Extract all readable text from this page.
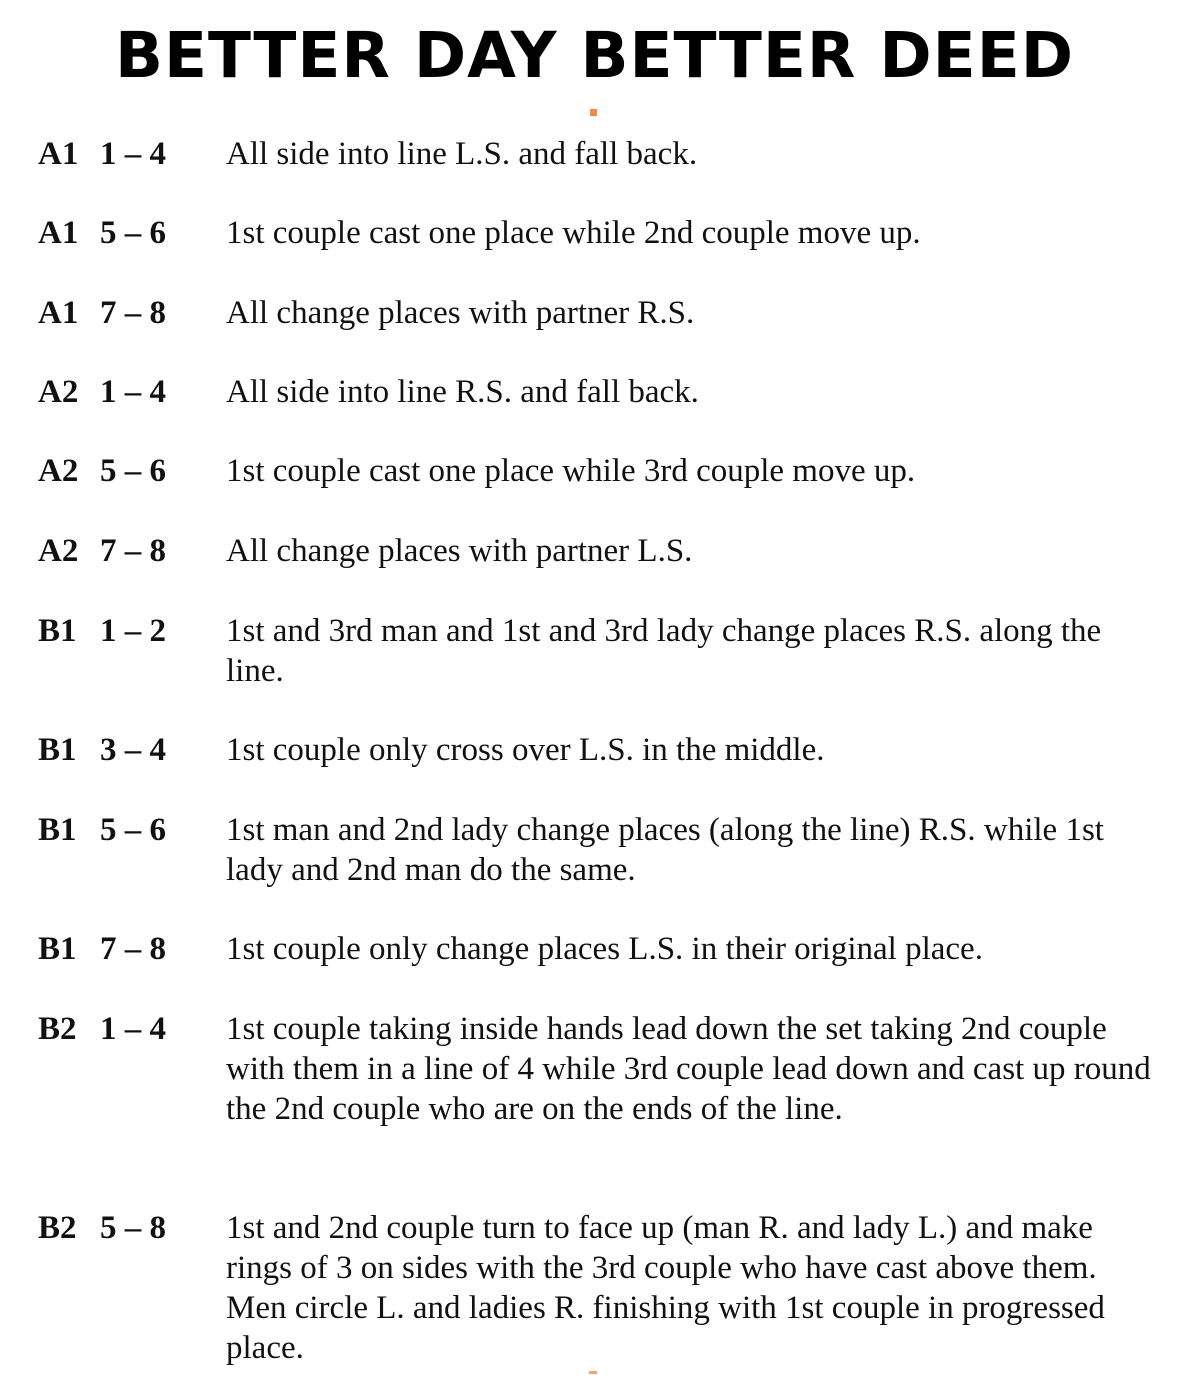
BETTER DAY BETTER DEED
A1 1 – 4	All side into line L.S. and fall back.
A1 5 – 6	1st couple cast one place while 2nd couple move up.
A1 7 – 8	All change places with partner R.S.
A2 1 – 4	All side into line R.S. and fall back.
A2 5 – 6	1st couple cast one place while 3rd couple move up.
A2 7 – 8	All change places with partner L.S.
B1 1 – 2	1st and 3rd man and 1st and 3rd lady change places R.S. along the line.
B1 3 – 4	1st couple only cross over L.S. in the middle.
B1 5 – 6	1st man and 2nd lady change places (along the line) R.S. while 1st lady and 2nd man do the same.
B1 7 – 8	1st couple only change places L.S. in their original place.
B2 1 – 4	1st couple taking inside hands lead down the set taking 2nd couple with them in a line of 4 while 3rd couple lead down and cast up round the 2nd couple who are on the ends of the line.
B2 5 – 8	1st and 2nd couple turn to face up (man R. and lady L.) and make rings of 3 on sides with the 3rd couple who have cast above them. Men circle L. and ladies R. finishing with 1st couple in progressed place.
